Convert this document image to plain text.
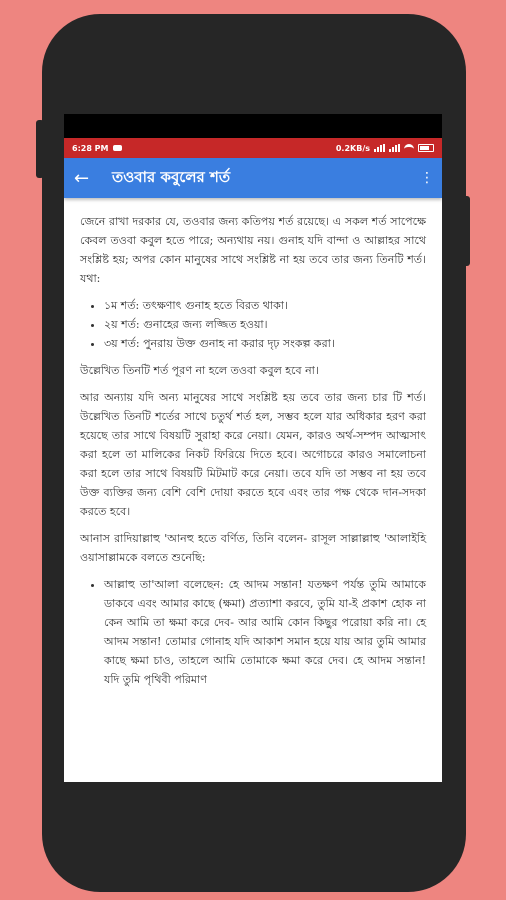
6:28 PM	0.2KB/s
←	তওবার কবুলের শর্ত	⋮

জেনে রাখা দরকার যে, তওবার জন্য কতিপয় শর্ত রয়েছে। এ সকল শর্ত সাপেক্ষে কেবল তওবা কবুল হতে পারে; অন্যথায় নয়। গুনাহ যদি বান্দা ও আল্লাহর সাথে সংশ্লিষ্ট হয়; অপর কোন মানুষের সাথে সংশ্লিষ্ট না হয় তবে তার জন্য তিনটি শর্ত। যথা:

• ১ম শর্ত: তৎক্ষণাৎ গুনাহ হতে বিরত থাকা।
• ২য় শর্ত: গুনাহের জন্য লজ্জিত হওয়া।
• ৩য় শর্ত: পুনরায় উক্ত গুনাহ না করার দৃঢ় সংকল্প করা।

উল্লেখিত তিনটি শর্ত পূরণ না হলে তওবা কবুল হবে না।

আর অন্যায় যদি অন্য মানুষের সাথে সংশ্লিষ্ট হয় তবে তার জন্য চার টি শর্ত। উল্লেখিত তিনটি শর্তের সাথে চতুর্থ শর্ত হল, সম্ভব হলে যার অধিকার হরণ করা হয়েছে তার সাথে বিষয়টি সুরাহা করে নেয়া। যেমন, কারও অর্থ-সম্পদ আত্মসাৎ করা হলে তা মালিকের নিকট ফিরিয়ে দিতে হবে। অগোচরে কারও সমালোচনা করা হলে তার সাথে বিষয়টি মিটমাট করে নেয়া। তবে যদি তা সম্ভব না হয় তবে উক্ত ব্যক্তির জন্য বেশি বেশি দোয়া করতে হবে এবং তার পক্ষ থেকে দান-সদকা করতে হবে।

আনাস রাদিয়াল্লাহু 'আনহু হতে বর্ণিত, তিনি বলেন- রাসূল সাল্লাল্লাহু 'আলাইহি ওয়াসাল্লামকে বলতে শুনেছি:

• আল্লাহু তা'আলা বলেছেন: হে আদম সন্তান! যতক্ষণ পর্যন্ত তুমি আমাকে ডাকবে এবং আমার কাছে (ক্ষমা) প্রত্যাশা করবে, তুমি যা-ই প্রকাশ হোক না কেন আমি তা ক্ষমা করে দেব- আর আমি কোন কিছুর পরোয়া করি না। হে আদম সন্তান! তোমার গোনাহ যদি আকাশ সমান হয়ে যায় আর তুমি আমার কাছে ক্ষমা চাও, তাহলে আমি তোমাকে ক্ষমা করে দেব। হে আদম সন্তান! যদি তুমি পৃথিবী পরিমাণ
